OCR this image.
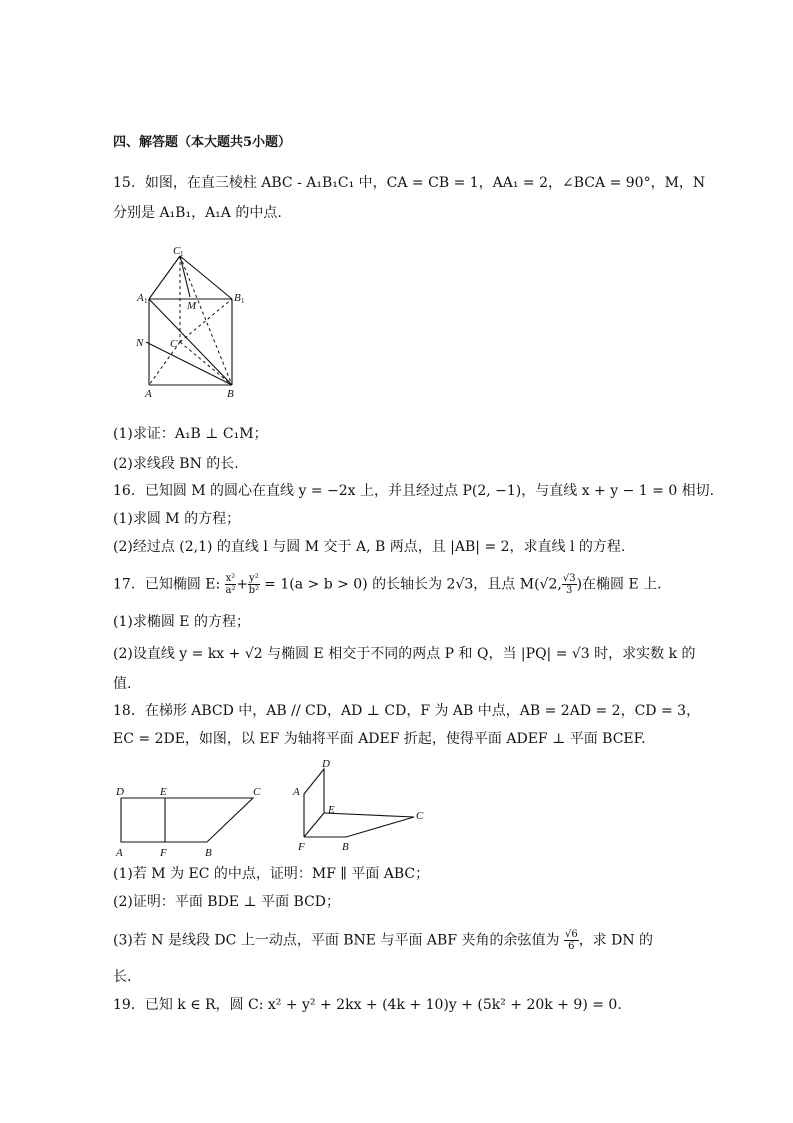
四、解答题（本大题共5小题）
15．如图，在直三棱柱 ABC - A₁B₁C₁ 中，CA = CB = 1，AA₁ = 2，∠BCA = 90°，M，N
分别是 A₁B₁，A₁A 的中点.
C 1
A 1	B 1
M
N C
A	B
(1)求证：A₁B ⊥ C₁M；
(2)求线段 BN 的长.
16．已知圆 M 的圆心在直线 y = −2x 上，并且经过点 P(2, −1)，与直线 x + y − 1 = 0 相切.
(1)求圆 M 的方程；
(2)经过点 (2,1) 的直线 l 与圆 M 交于 A, B 两点，且 |AB| = 2，求直线 l 的方程.
17．已知椭圆 E: $\frac{\text{x²}}{\text{a²}} + \frac{\text{y²}}{\text{b²}} = 1(a > b > 0)$ 的长轴长为 2√3，且点 M(√2, $\frac{√3}{3}$ )在椭圆 E 上.
(1)求椭圆 E 的方程；
(2)设直线 y = kx + √2 与椭圆 E 相交于不同的两点 P 和 Q，当 |PQ| = √3 时，求实数 k 的
值.
18．在梯形 ABCD 中，AB // CD，AD ⊥ CD，F 为 AB 中点，AB = 2AD = 2，CD = 3，
EC = 2DE，如图，以 EF 为轴将平面 ADEF 折起，使得平面 ADEF ⊥ 平面 BCEF.
D	E	C
A	F	B
D
A
E	C
F	B
(1)若 M 为 EC 的中点，证明：MF ∥ 平面 ABC；
(2)证明：平面 BDE ⊥ 平面 BCD；
(3)若 N 是线段 DC 上一动点，平面 BNE 与平面 ABF 夹角的余弦值为 $\frac{√6}{6}$ ，求 DN 的
长.
19．已知 k ∈ R，圆 C: x² + y² + 2kx + (4k + 10)y + (5k² + 20k + 9) = 0.
